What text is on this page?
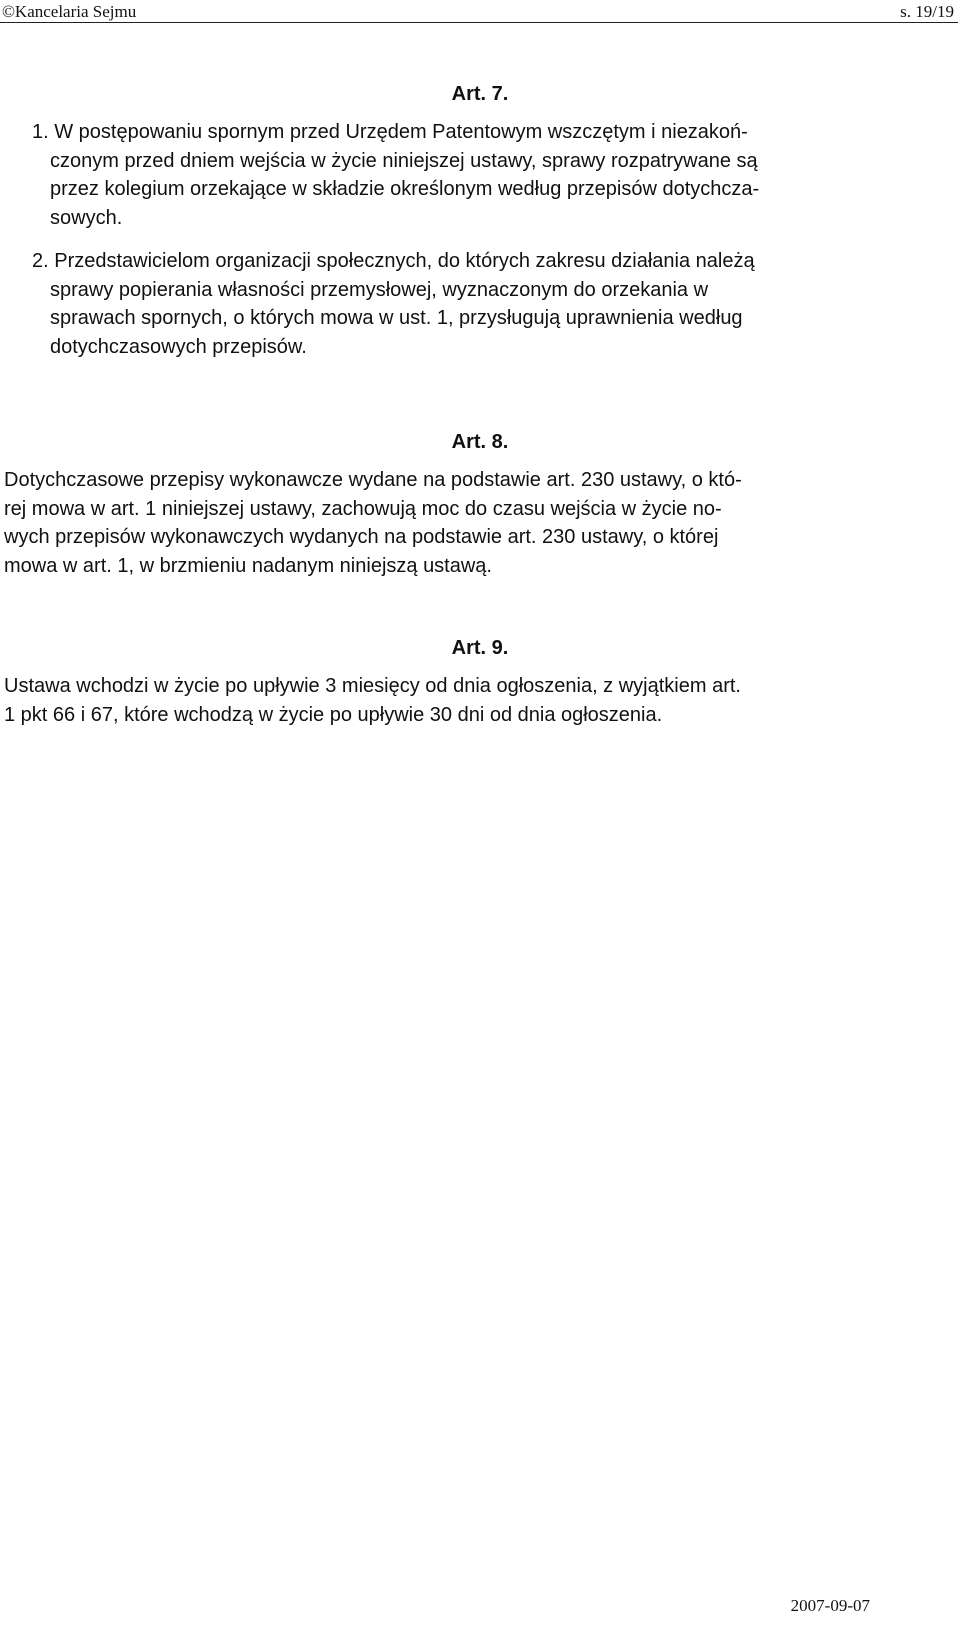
©Kancelaria Sejmu	s. 19/19
Art. 7.
1. W postępowaniu spornym przed Urzędem Patentowym wszczętym i niezakoń-
czonym przed dniem wejścia w życie niniejszej ustawy, sprawy rozpatrywane są
przez kolegium orzekające w składzie określonym według przepisów dotychcza-
sowych.
2. Przedstawicielom organizacji społecznych, do których zakresu działania należą
sprawy popierania własności przemysłowej, wyznaczonym do orzekania w
sprawach spornych, o których mowa w ust. 1, przysługują uprawnienia według
dotychczasowych przepisów.
Art. 8.
Dotychczasowe przepisy wykonawcze wydane na podstawie art. 230 ustawy, o któ-
rej mowa w art. 1 niniejszej ustawy, zachowują moc do czasu wejścia w życie no-
wych przepisów wykonawczych wydanych na podstawie art. 230 ustawy, o której
mowa w art. 1, w brzmieniu nadanym niniejszą ustawą.
Art. 9.
Ustawa wchodzi w życie po upływie 3 miesięcy od dnia ogłoszenia, z wyjątkiem art.
1 pkt 66 i 67, które wchodzą w życie po upływie 30 dni od dnia ogłoszenia.
2007-09-07
